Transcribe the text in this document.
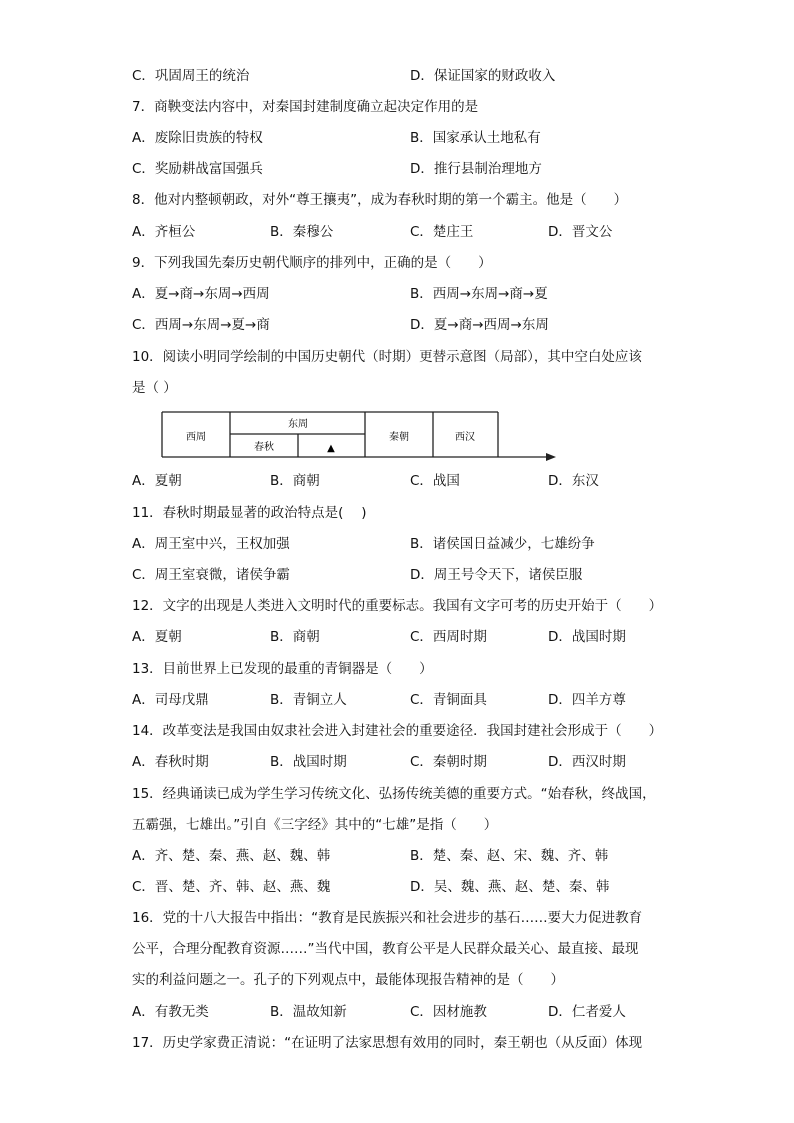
C．巩固周王的统治	D．保证国家的财政收入
7．商鞅变法内容中，对秦国封建制度确立起决定作用的是
A．废除旧贵族的特权	B．国家承认土地私有
C．奖励耕战富国强兵	D．推行县制治理地方
8．他对内整顿朝政，对外“尊王攘夷”，成为春秋时期的第一个霸主。他是（　　）
A．齐桓公	B．秦穆公	C．楚庄王	D．晋文公
9．下列我国先秦历史朝代顺序的排列中，正确的是（　　）
A．夏→商→东周→西周	B．西周→东周→商→夏
C．西周→东周→夏→商	D．夏→商→西周→东周
10．阅读小明同学绘制的中国历史朝代（时期）更替示意图（局部），其中空白处应该
是（ ）
西周
东周
春秋	▲
秦朝	西汉
A．夏朝	B．商朝	C．战国	D．东汉
11．春秋时期最显著的政治特点是(　 )
A．周王室中兴，王权加强	B．诸侯国日益减少，七雄纷争
C．周王室衰微，诸侯争霸	D．周王号令天下，诸侯臣服
12．文字的出现是人类进入文明时代的重要标志。我国有文字可考的历史开始于（　　）
A．夏朝	B．商朝	C．西周时期	D．战国时期
13．目前世界上已发现的最重的青铜器是（　　）
A．司母戊鼎	B．青铜立人	C．青铜面具	D．四羊方尊
14．改革变法是我国由奴隶社会进入封建社会的重要途径．我国封建社会形成于（　　）
A．春秋时期	B．战国时期	C．秦朝时期	D．西汉时期
15．经典诵读已成为学生学习传统文化、弘扬传统美德的重要方式。“始春秋，终战国，
五霸强，七雄出。”引自《三字经》其中的“七雄”是指（　　）
A．齐、楚、秦、燕、赵、魏、韩	B．楚、秦、赵、宋、魏、齐、韩
C．晋、楚、齐、韩、赵、燕、魏	D．吴、魏、燕、赵、楚、秦、韩
16．党的十八大报告中指出：“教育是民族振兴和社会进步的基石……要大力促进教育
公平，合理分配教育资源……”当代中国，教育公平是人民群众最关心、最直接、最现
实的利益问题之一。孔子的下列观点中，最能体现报告精神的是（　　）
A．有教无类	B．温故知新	C．因材施教	D．仁者爱人
17．历史学家费正清说：“在证明了法家思想有效用的同时，秦王朝也（从反面）体现
